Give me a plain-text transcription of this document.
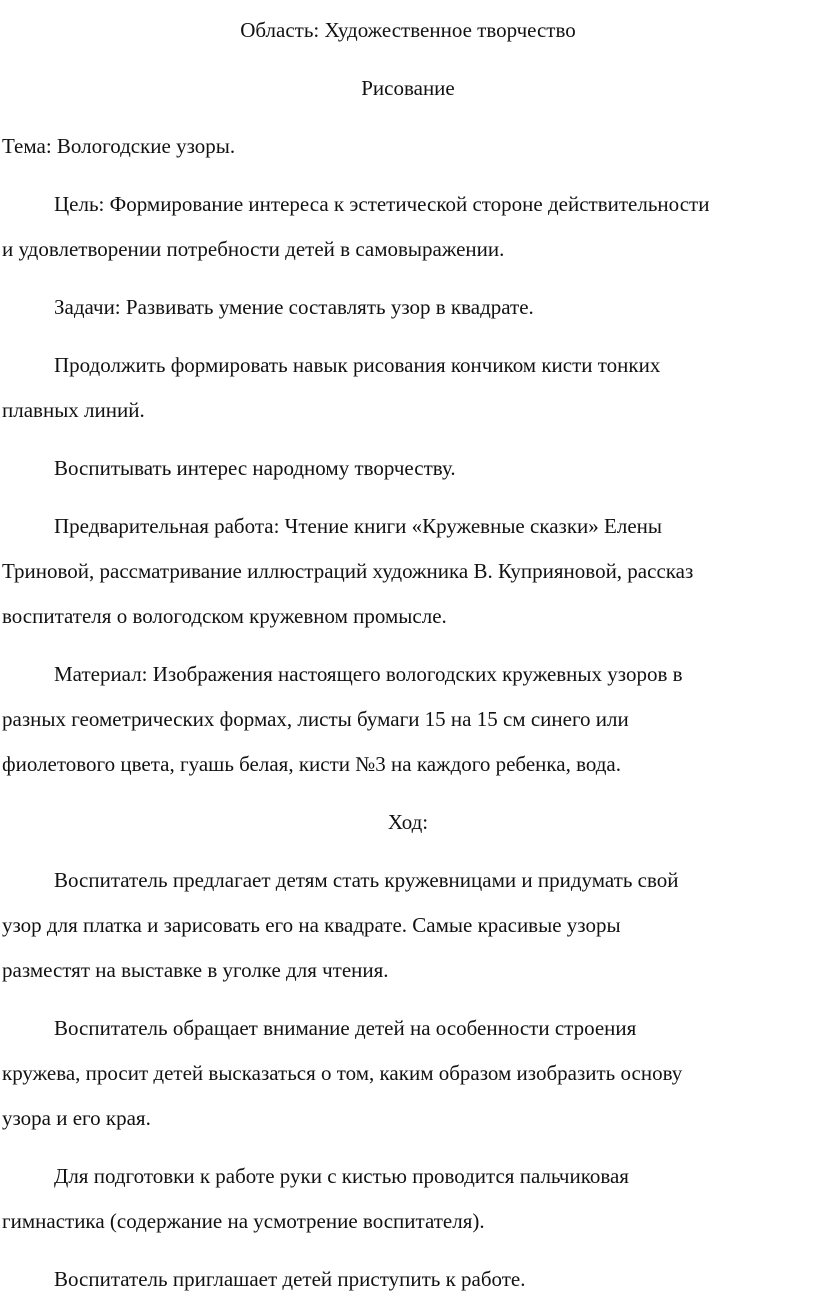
Область: Художественное творчество
Рисование
Тема: Вологодские узоры.
Цель: Формирование интереса к эстетической стороне действительности
и удовлетворении потребности детей в самовыражении.
Задачи: Развивать умение составлять узор в квадрате.
Продолжить формировать навык рисования кончиком кисти тонких
плавных линий.
Воспитывать интерес народному творчеству.
Предварительная работа: Чтение книги «Кружевные сказки» Елены
Триновой, рассматривание иллюстраций художника В. Куприяновой, рассказ
воспитателя о вологодском кружевном промысле.
Материал: Изображения настоящего вологодских кружевных узоров в
разных геометрических формах, листы бумаги 15 на 15 см синего или
фиолетового цвета, гуашь белая, кисти №3 на каждого ребенка, вода.
Ход:
Воспитатель предлагает детям стать кружевницами и придумать свой
узор для платка и зарисовать его на квадрате. Самые красивые узоры
разместят на выставке в уголке для чтения.
Воспитатель обращает внимание детей на особенности строения
кружева, просит детей высказаться о том, каким образом изобразить основу
узора и его края.
Для подготовки к работе руки с кистью проводится пальчиковая
гимнастика (содержание на усмотрение воспитателя).
Воспитатель приглашает детей приступить к работе.
